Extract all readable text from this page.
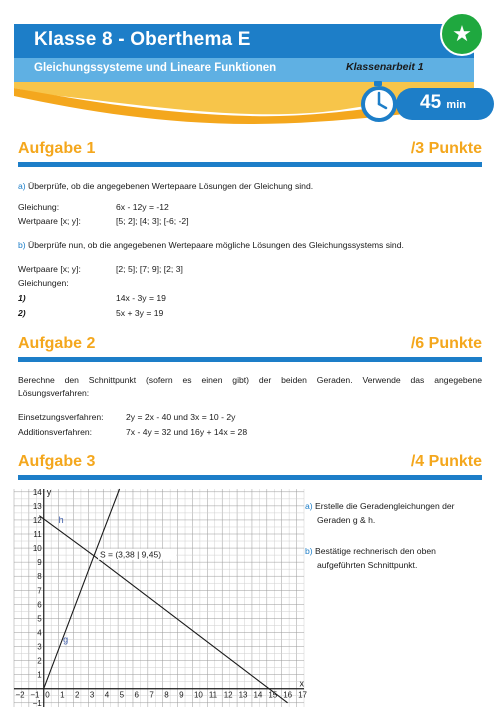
Klasse 8 - Oberthema E
Gleichungssysteme und Lineare Funktionen	Klassenarbeit 1
★
45 min
Aufgabe 1	/3 Punkte
a) Überprüfe, ob die angegebenen Wertepaare Lösungen der Gleichung sind.
Gleichung:	6x - 12y = -12
Wertpaare [x; y]:	[5; 2]; [4; 3]; [-6; -2]
b) Überprüfe nun, ob die angegebenen Wertepaare mögliche Lösungen des Gleichungssystems sind.
Wertpaare [x; y]:	[2; 5]; [7; 9]; [2; 3]
Gleichungen:
1)	14x - 3y = 19
2)	5x + 3y = 19
Aufgabe 2	/6 Punkte
Berechne den Schnittpunkt (sofern es einen gibt) der beiden Geraden. Verwende das angegebene
Lösungsverfahren:
Einsetzungsverfahren:	2y = 2x - 40 und 3x = 10 - 2y
Additionsverfahren:	7x - 4y = 32 und 16y + 14x = 28
Aufgabe 3	/4 Punkte
a) Erstelle die Geradengleichungen der
Geraden g & h.
b) Bestätige rechnerisch den oben
aufgeführten Schnittpunkt.
−2 −1 0 1 2 3 4 5 6 7 8 9 10 11 12 13 14 15 16 17
−1
1
2
3
4
5
6
7
8
9
10
11
12
13
14
x
y
g
h
S = (3,38 | 9,45)
